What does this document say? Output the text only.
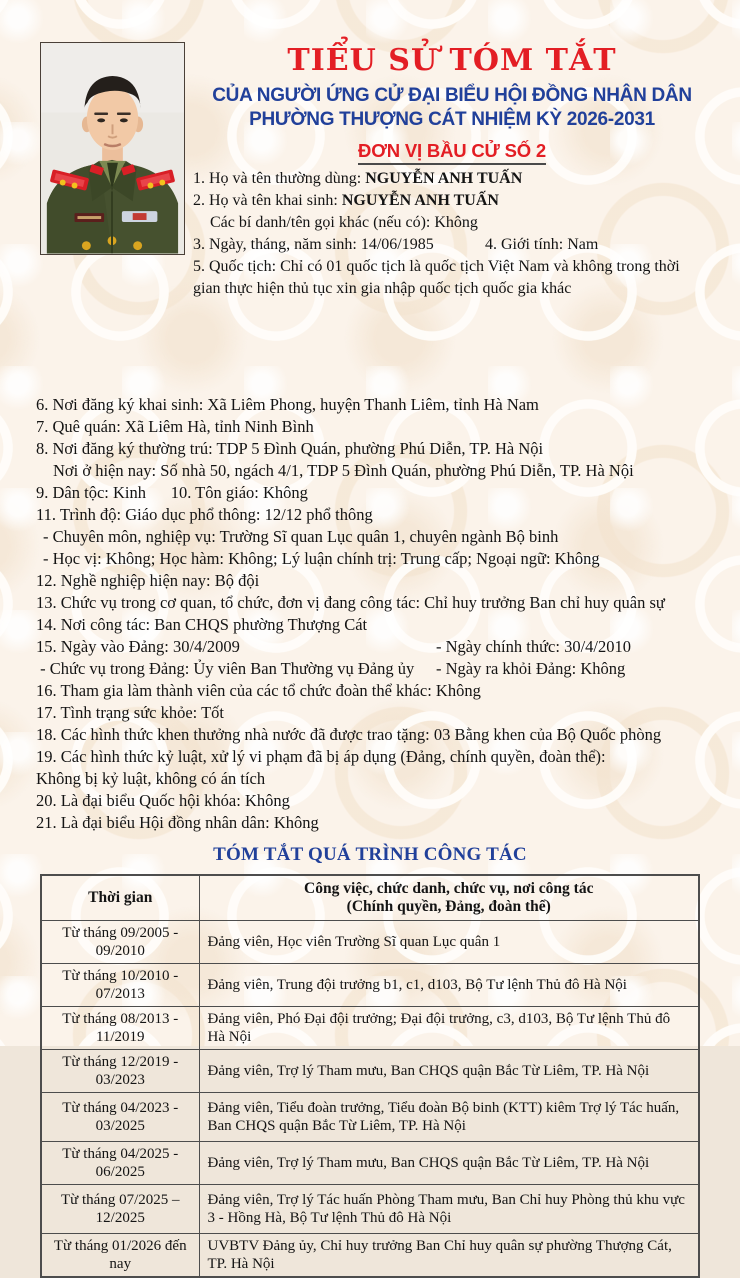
TIỂU SỬ TÓM TẮT
CỦA NGƯỜI ỨNG CỬ ĐẠI BIỂU HỘI ĐỒNG NHÂN DÂN
PHƯỜNG THƯỢNG CÁT NHIỆM KỲ 2026-2031
ĐƠN VỊ BẦU CỬ SỐ 2
1. Họ và tên thường dùng: NGUYỄN ANH TUẤN
2. Họ và tên khai sinh: NGUYỄN ANH TUẤN
Các bí danh/tên gọi khác (nếu có): Không
3. Ngày, tháng, năm sinh: 14/06/1985	4. Giới tính: Nam
5. Quốc tịch: Chỉ có 01 quốc tịch là quốc tịch Việt Nam và không trong thời gian thực hiện thủ tục xin gia nhập quốc tịch quốc gia khác
6. Nơi đăng ký khai sinh: Xã Liêm Phong, huyện Thanh Liêm, tỉnh Hà Nam
7. Quê quán: Xã Liêm Hà, tỉnh Ninh Bình
8. Nơi đăng ký thường trú: TDP 5 Đình Quán, phường Phú Diễn, TP. Hà Nội
Nơi ở hiện nay: Số nhà 50, ngách 4/1, TDP 5 Đình Quán, phường Phú Diễn, TP. Hà Nội
9. Dân tộc: Kinh      10. Tôn giáo: Không
11. Trình độ: Giáo dục phổ thông: 12/12 phổ thông
- Chuyên môn, nghiệp vụ: Trường Sĩ quan Lục quân 1, chuyên ngành Bộ binh
- Học vị: Không; Học hàm: Không; Lý luận chính trị: Trung cấp; Ngoại ngữ: Không
12. Nghề nghiệp hiện nay: Bộ đội
13. Chức vụ trong cơ quan, tổ chức, đơn vị đang công tác: Chỉ huy trưởng Ban chỉ huy quân sự
14. Nơi công tác: Ban CHQS phường Thượng Cát
15. Ngày vào Đảng: 30/4/2009	- Ngày chính thức: 30/4/2010
- Chức vụ trong Đảng: Ủy viên Ban Thường vụ Đảng ủy	- Ngày ra khỏi Đảng: Không
16. Tham gia làm thành viên của các tổ chức đoàn thể khác: Không
17. Tình trạng sức khỏe: Tốt
18. Các hình thức khen thưởng nhà nước đã được trao tặng: 03 Bằng khen của Bộ Quốc phòng
19. Các hình thức kỷ luật, xử lý vi phạm đã bị áp dụng (Đảng, chính quyền, đoàn thể):
Không bị kỷ luật, không có án tích
20. Là đại biểu Quốc hội khóa: Không
21. Là đại biểu Hội đồng nhân dân: Không
TÓM TẮT QUÁ TRÌNH CÔNG TÁC
Thời gian	Công việc, chức danh, chức vụ, nơi công tác
(Chính quyền, Đảng, đoàn thể)

Từ tháng 09/2005 - 09/2010	Đảng viên, Học viên Trường Sĩ quan Lục quân 1
Từ tháng 10/2010 - 07/2013	Đảng viên, Trung đội trưởng b1, c1, d103, Bộ Tư lệnh Thủ đô Hà Nội
Từ tháng 08/2013 - 11/2019	Đảng viên, Phó Đại đội trưởng; Đại đội trưởng, c3, d103, Bộ Tư lệnh Thủ đô Hà Nội
Từ tháng 12/2019 - 03/2023	Đảng viên, Trợ lý Tham mưu, Ban CHQS quận Bắc Từ Liêm, TP. Hà Nội
Từ tháng 04/2023 - 03/2025	Đảng viên, Tiểu đoàn trưởng, Tiểu đoàn Bộ binh (KTT) kiêm Trợ lý Tác huấn, Ban CHQS quận Bắc Từ Liêm, TP. Hà Nội
Từ tháng 04/2025 - 06/2025	Đảng viên, Trợ lý Tham mưu, Ban CHQS quận Bắc Từ Liêm, TP. Hà Nội
Từ tháng 07/2025 – 12/2025	Đảng viên, Trợ lý Tác huấn Phòng Tham mưu, Ban Chỉ huy Phòng thủ khu vực 3 - Hồng Hà, Bộ Tư lệnh Thủ đô Hà Nội
Từ tháng 01/2026 đến nay	UVBTV Đảng ủy, Chỉ huy trưởng Ban Chỉ huy quân sự phường Thượng Cát, TP. Hà Nội
